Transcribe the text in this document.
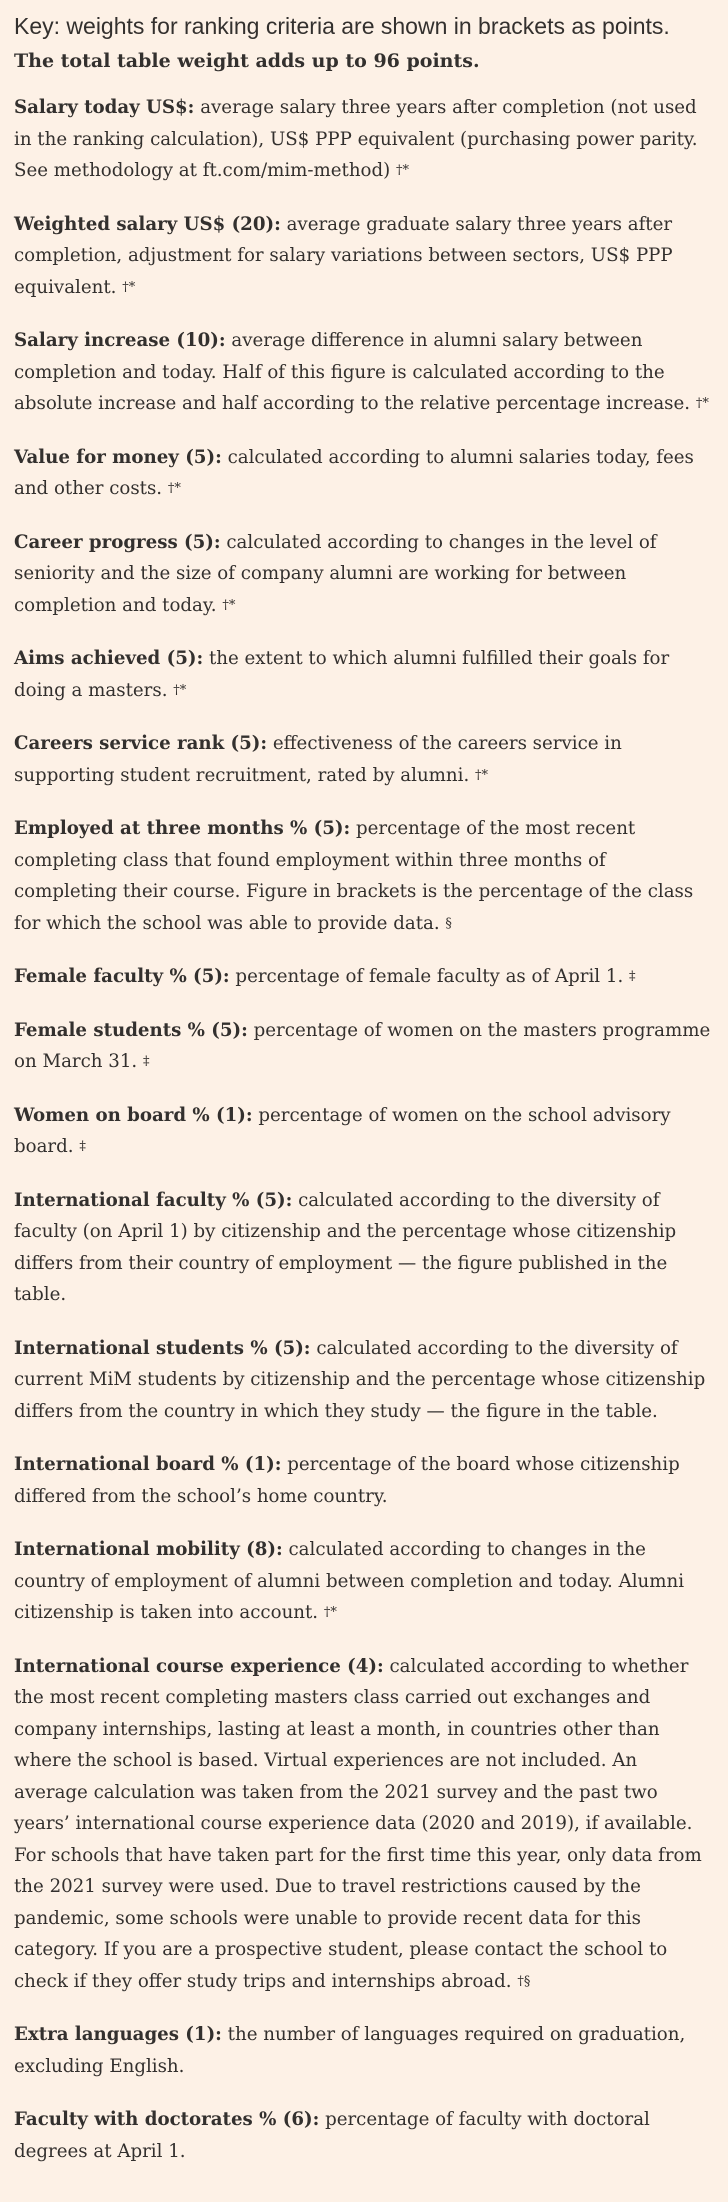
Key: weights for ranking criteria are shown in brackets as points.
The total table weight adds up to 96 points.

Salary today US$: average salary three years after completion (not used in the ranking calculation), US$ PPP equivalent (purchasing power parity. See methodology at ft.com/mim-method) †*

Weighted salary US$ (20): average graduate salary three years after completion, adjustment for salary variations between sectors, US$ PPP equivalent. †*

Salary increase (10): average difference in alumni salary between completion and today. Half of this figure is calculated according to the absolute increase and half according to the relative percentage increase. †*

Value for money (5): calculated according to alumni salaries today, fees and other costs. †*

Career progress (5): calculated according to changes in the level of seniority and the size of company alumni are working for between completion and today. †*

Aims achieved (5): the extent to which alumni fulfilled their goals for doing a masters. †*

Careers service rank (5): effectiveness of the careers service in supporting student recruitment, rated by alumni. †*

Employed at three months % (5): percentage of the most recent completing class that found employment within three months of completing their course. Figure in brackets is the percentage of the class for which the school was able to provide data. §

Female faculty % (5): percentage of female faculty as of April 1. ‡

Female students % (5): percentage of women on the masters programme on March 31. ‡

Women on board % (1): percentage of women on the school advisory board. ‡

International faculty % (5): calculated according to the diversity of faculty (on April 1) by citizenship and the percentage whose citizenship differs from their country of employment — the figure published in the table.

International students % (5): calculated according to the diversity of current MiM students by citizenship and the percentage whose citizenship differs from the country in which they study — the figure in the table.

International board % (1): percentage of the board whose citizenship differed from the school’s home country.

International mobility (8): calculated according to changes in the country of employment of alumni between completion and today. Alumni citizenship is taken into account. †*

International course experience (4): calculated according to whether the most recent completing masters class carried out exchanges and company internships, lasting at least a month, in countries other than where the school is based. Virtual experiences are not included. An average calculation was taken from the 2021 survey and the past two years’ international course experience data (2020 and 2019), if available. For schools that have taken part for the first time this year, only data from the 2021 survey were used. Due to travel restrictions caused by the pandemic, some schools were unable to provide recent data for this category. If you are a prospective student, please contact the school to check if they offer study trips and internships abroad. †§

Extra languages (1): the number of languages required on graduation, excluding English.

Faculty with doctorates % (6): percentage of faculty with doctoral degrees at April 1.
